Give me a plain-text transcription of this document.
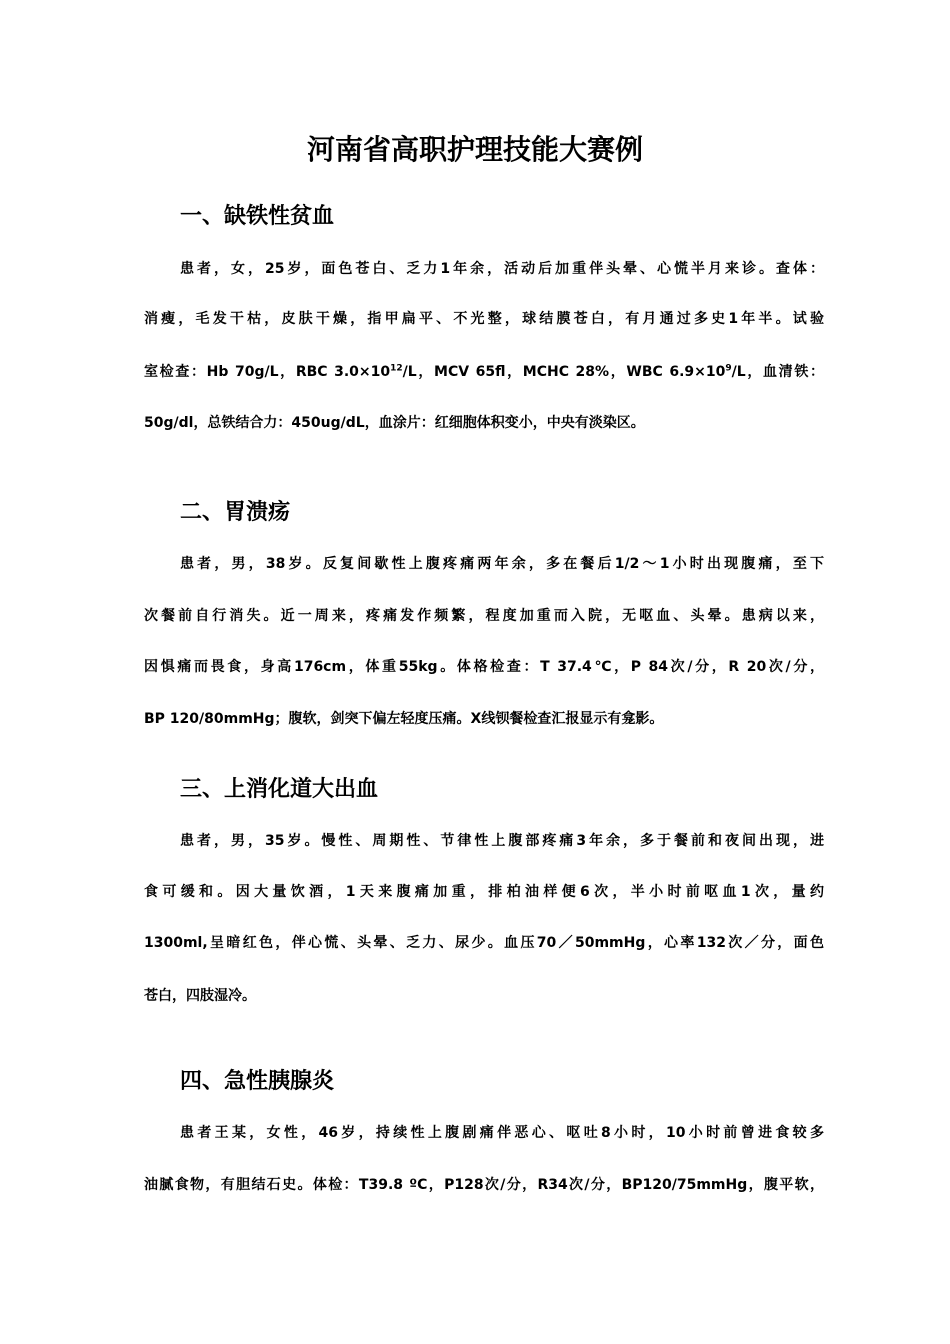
河南省高职护理技能大赛例
一、缺铁性贫血
患者，女，25岁，面色苍白、乏力1年余，活动后加重伴头晕、心慌半月来诊。查体：
消瘦，毛发干枯，皮肤干燥，指甲扁平、不光整，球结膜苍白，有月通过多史1年半。试验
室检查：Hb 70g/L，RBC $3.0\times 10^{12}/L$，MCV 65fl，MCHC 28%，WBC $6.9\times 10^9/L$，血清铁：
50g/dl，总铁结合力：450ug/dL，血涂片：红细胞体积变小，中央有淡染区。
二、胃溃疡
患者，男，38岁。反复间歇性上腹疼痛两年余，多在餐后1/2～1小时出现腹痛，至下
次餐前自行消失。近一周来，疼痛发作频繁，程度加重而入院，无呕血、头晕。患病以来，
因惧痛而畏食，身高176cm，体重55kg。体格检查：T 37.4℃，P 84次/分，R 20次/分，
BP 120/80mmHg；腹软，剑突下偏左轻度压痛。X线钡餐检查汇报显示有龛影。
三、上消化道大出血
患者，男，35岁。慢性、周期性、节律性上腹部疼痛3年余，多于餐前和夜间出现，进
食可缓和。因大量饮酒，1天来腹痛加重，排柏油样便6次，半小时前呕血1次，量约
1300ml,呈暗红色，伴心慌、头晕、乏力、尿少。血压70／50mmHg，心率132次／分，面色
苍白，四肢湿冷。
四、急性胰腺炎
患者王某，女性，46岁，持续性上腹剧痛伴恶心、呕吐8小时，10小时前曾进食较多
油腻食物，有胆结石史。体检：T39.8 ºC，P128次/分，R34次/分，BP120/75mmHg，腹平软，
